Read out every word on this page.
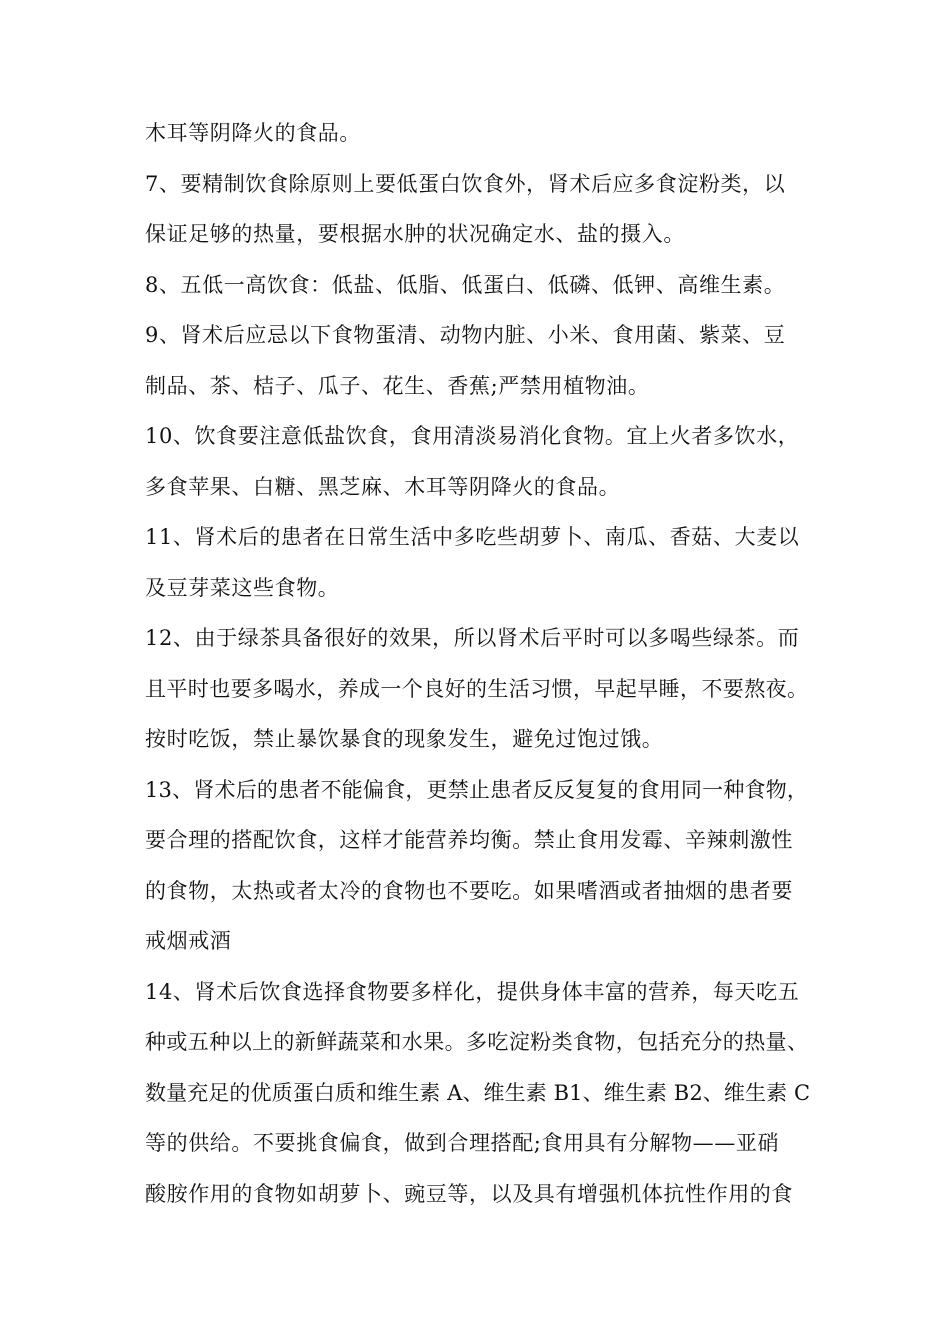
木耳等阴降火的食品。
7、要精制饮食除原则上要低蛋白饮食外，肾术后应多食淀粉类，以
保证足够的热量，要根据水肿的状况确定水、盐的摄入。
8、五低一高饮食：低盐、低脂、低蛋白、低磷、低钾、高维生素。
9、肾术后应忌以下食物蛋清、动物内脏、小米、食用菌、紫菜、豆
制品、茶、桔子、瓜子、花生、香蕉;严禁用植物油。
10、饮食要注意低盐饮食，食用清淡易消化食物。宜上火者多饮水，
多食苹果、白糖、黑芝麻、木耳等阴降火的食品。
11、肾术后的患者在日常生活中多吃些胡萝卜、南瓜、香菇、大麦以
及豆芽菜这些食物。
12、由于绿茶具备很好的效果，所以肾术后平时可以多喝些绿茶。而
且平时也要多喝水，养成一个良好的生活习惯，早起早睡，不要熬夜。
按时吃饭，禁止暴饮暴食的现象发生，避免过饱过饿。
13、肾术后的患者不能偏食，更禁止患者反反复复的食用同一种食物，
要合理的搭配饮食，这样才能营养均衡。禁止食用发霉、辛辣刺激性
的食物，太热或者太冷的食物也不要吃。如果嗜酒或者抽烟的患者要
戒烟戒酒
14、肾术后饮食选择食物要多样化，提供身体丰富的营养，每天吃五
种或五种以上的新鲜蔬菜和水果。多吃淀粉类食物，包括充分的热量、
数量充足的优质蛋白质和维生素 A、维生素 B1、维生素 B2、维生素 C
等的供给。不要挑食偏食，做到合理搭配;食用具有分解物——亚硝
酸胺作用的食物如胡萝卜、豌豆等，以及具有增强机体抗性作用的食
